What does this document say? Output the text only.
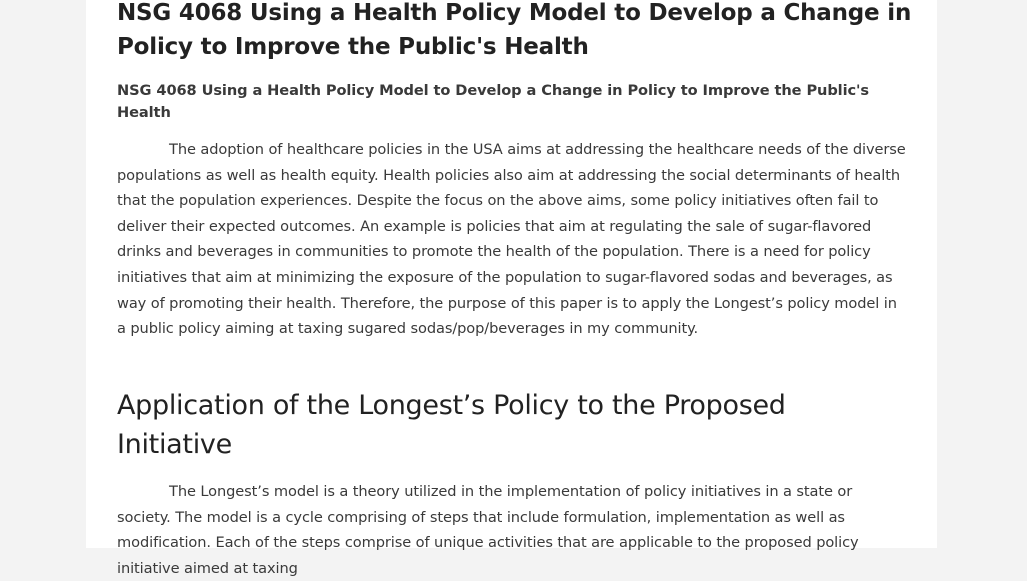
NSG 4068 Using a Health Policy Model to Develop a Change in Policy to Improve the Public's Health
NSG 4068 Using a Health Policy Model to Develop a Change in Policy to Improve the Public's Health

The adoption of healthcare policies in the USA aims at addressing the healthcare needs of the diverse populations as well as health equity. Health policies also aim at addressing the social determinants of health that the population experiences. Despite the focus on the above aims, some policy initiatives often fail to deliver their expected outcomes. An example is policies that aim at regulating the sale of sugar-flavored drinks and beverages in communities to promote the health of the population. There is a need for policy initiatives that aim at minimizing the exposure of the population to sugar-flavored sodas and beverages, as way of promoting their health. Therefore, the purpose of this paper is to apply the Longest’s policy model in a public policy aiming at taxing sugared sodas/pop/beverages in my community.

Application of the Longest’s Policy to the Proposed Initiative

The Longest’s model is a theory utilized in the implementation of policy initiatives in a state or society. The model is a cycle comprising of steps that include formulation, implementation as well as modification. Each of the steps comprise of unique activities that are applicable to the proposed policy initiative aimed at taxing
